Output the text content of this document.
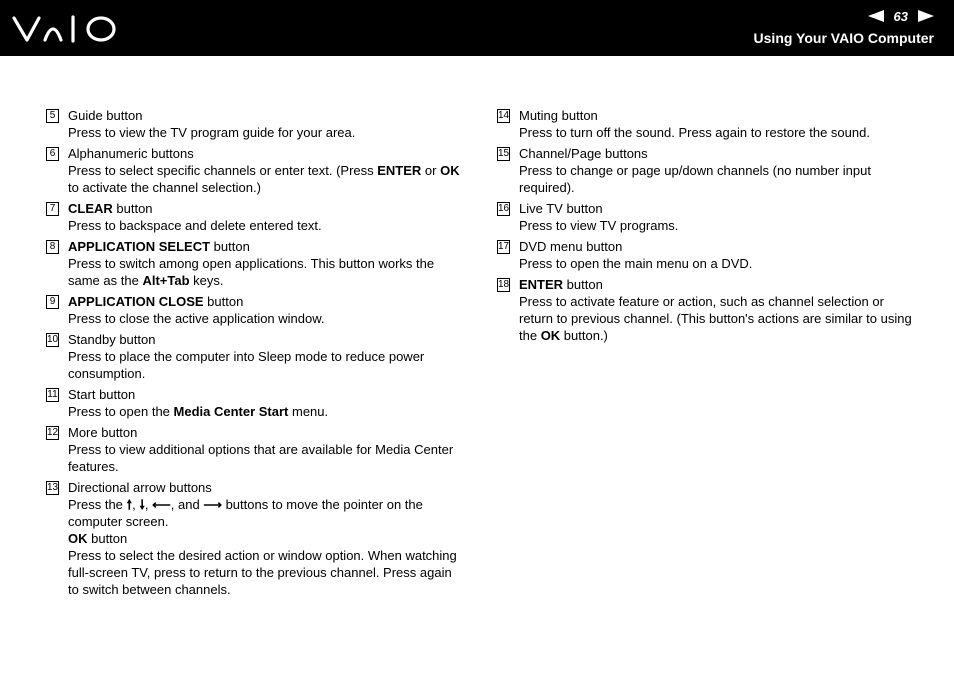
63
Using Your VAIO Computer
5 Guide button
Press to view the TV program guide for your area.
6 Alphanumeric buttons
Press to select specific channels or enter text. (Press ENTER or OK to activate the channel selection.)
7 CLEAR button
Press to backspace and delete entered text.
8 APPLICATION SELECT button
Press to switch among open applications. This button works the same as the Alt+Tab keys.
9 APPLICATION CLOSE button
Press to close the active application window.
10 Standby button
Press to place the computer into Sleep mode to reduce power consumption.
11 Start button
Press to open the Media Center Start menu.
12 More button
Press to view additional options that are available for Media Center features.
13 Directional arrow buttons
Press the 🠕, 🠗, ⟵, and ⟶ buttons to move the pointer on the computer screen.
OK button
Press to select the desired action or window option. When watching full-screen TV, press to return to the previous channel. Press again to switch between channels.
14 Muting button
Press to turn off the sound. Press again to restore the sound.
15 Channel/Page buttons
Press to change or page up/down channels (no number input required).
16 Live TV button
Press to view TV programs.
17 DVD menu button
Press to open the main menu on a DVD.
18 ENTER button
Press to activate feature or action, such as channel selection or return to previous channel. (This button's actions are similar to using the OK button.)
